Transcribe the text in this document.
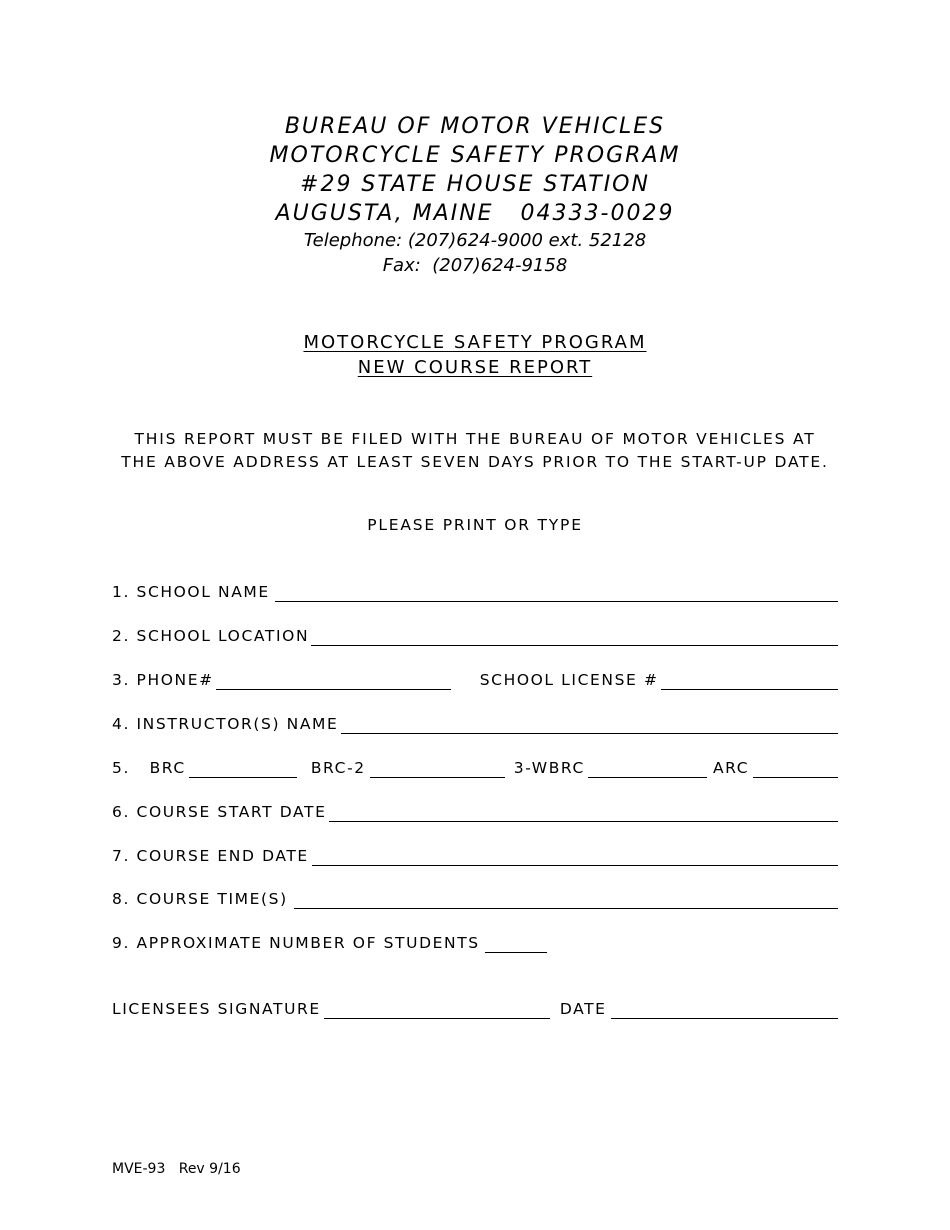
BUREAU OF MOTOR VEHICLES
MOTORCYCLE SAFETY PROGRAM
#29 STATE HOUSE STATION
AUGUSTA, MAINE   04333-0029
Telephone: (207)624-9000 ext. 52128
Fax:  (207)624-9158
MOTORCYCLE SAFETY PROGRAM
NEW COURSE REPORT
THIS REPORT MUST BE FILED WITH THE BUREAU OF MOTOR VEHICLES AT
THE ABOVE ADDRESS AT LEAST SEVEN DAYS PRIOR TO THE START-UP DATE.
PLEASE PRINT OR TYPE
1. SCHOOL NAME
2. SCHOOL LOCATION
3. PHONE#	SCHOOL LICENSE #
4. INSTRUCTOR(S) NAME
5.   BRC	BRC-2	3-WBRC	ARC
6. COURSE START DATE
7. COURSE END DATE
8. COURSE TIME(S)
9. APPROXIMATE NUMBER OF STUDENTS
LICENSEES SIGNATURE	DATE
MVE-93   Rev 9/16
